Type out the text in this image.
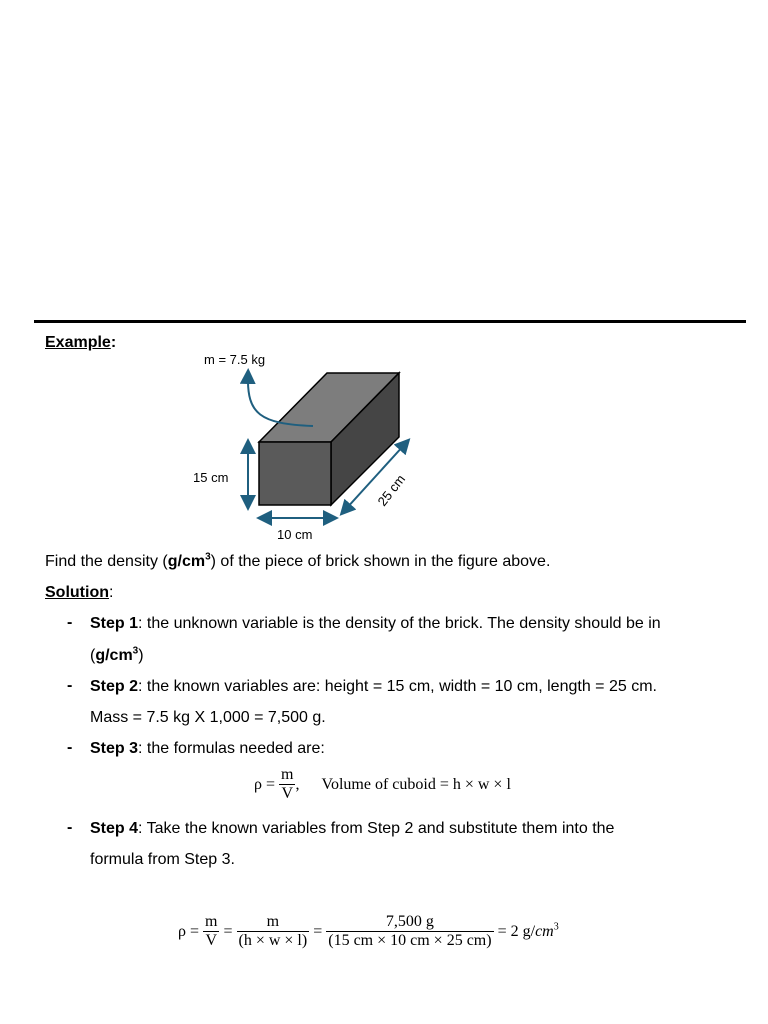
Example:
m = 7.5 kg
15 cm
10 cm
25 cm
Find the density $(g/cm^3)$ of the piece of brick shown in the figure above.
Solution:
- Step 1: the unknown variable is the density of the brick. The density should be in
$(g/cm^3)$
- Step 2: the known variables are: height = 15 cm, width = 10 cm, length = 25 cm.
Mass = 7.5 kg X 1,000 = 7,500 g.
- Step 3: the formulas needed are:
$\rho = \frac{m}{V}$ ,	Volume of cuboid = h × w × l
- Step 4: Take the known variables from Step 2 and substitute them into the
formula from Step 3.
$\rho = \frac{m}{V} = \frac{m}{(h \times w \times l)} = \frac{7,500 g}{(15 cm \times 10 cm \times 25 cm)} = 2$ $g/cm^3$
